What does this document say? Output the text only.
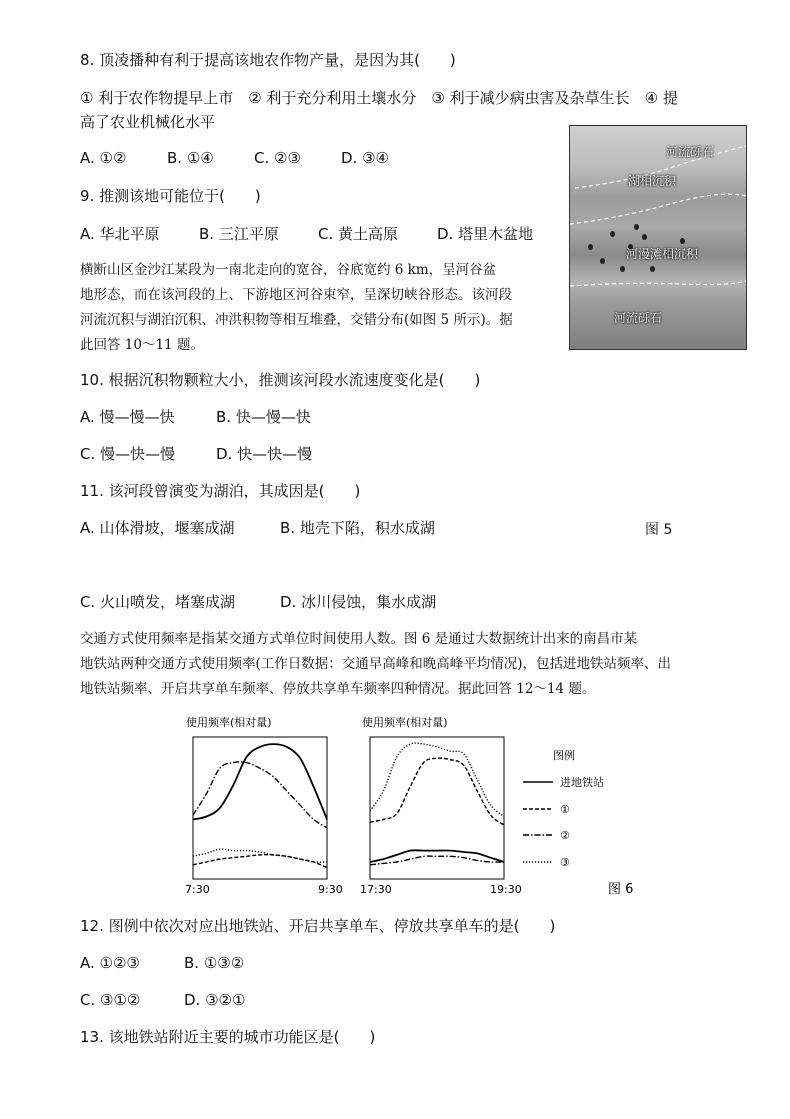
8. 顶凌播种有利于提高该地农作物产量，是因为其(　　)
① 利于农作物提早上市　② 利于充分利用土壤水分　③ 利于减少病虫害及杂草生长　④ 提
高了农业机械化水平
A. ①②	B. ①④	C. ②③	D. ③④
9. 推测该地可能位于(　　)
A. 华北平原	B. 三江平原	C. 黄土高原	D. 塔里木盆地
横断山区金沙江某段为一南北走向的宽谷，谷底宽约 6 km，呈河谷盆
地形态，而在该河段的上、下游地区河谷束窄，呈深切峡谷形态。该河段
河流沉积与湖泊沉积、冲洪积物等相互堆叠，交错分布(如图 5 所示)。据
此回答 10～11 题。
河流砾石
湖相沉积
河漫滩相沉积
河流砾石
10. 根据沉积物颗粒大小，推测该河段水流速度变化是(　　)
A. 慢—慢—快	B. 快—慢—快
C. 慢—快—慢	D. 快—快—慢
11. 该河段曾演变为湖泊，其成因是(　　)
A. 山体滑坡，堰塞成湖	B. 地壳下陷，积水成湖	图 5
C. 火山喷发，堵塞成湖	D. 冰川侵蚀，集水成湖
交通方式使用频率是指某交通方式单位时间使用人数。图 6 是通过大数据统计出来的南昌市某
地铁站两种交通方式使用频率(工作日数据：交通早高峰和晚高峰平均情况)，包括进地铁站频率、出
地铁站频率、开启共享单车频率、停放共享单车频率四种情况。据此回答 12～14 题。
使用频率(相对量)
7:30	9:30
使用频率(相对量)
17:30	19:30
图例
进地铁站
①
②
③
图 6
12. 图例中依次对应出地铁站、开启共享单车、停放共享单车的是(　　)
A. ①②③	B. ①③②
C. ③①②	D. ③②①
13. 该地铁站附近主要的城市功能区是(　　)
